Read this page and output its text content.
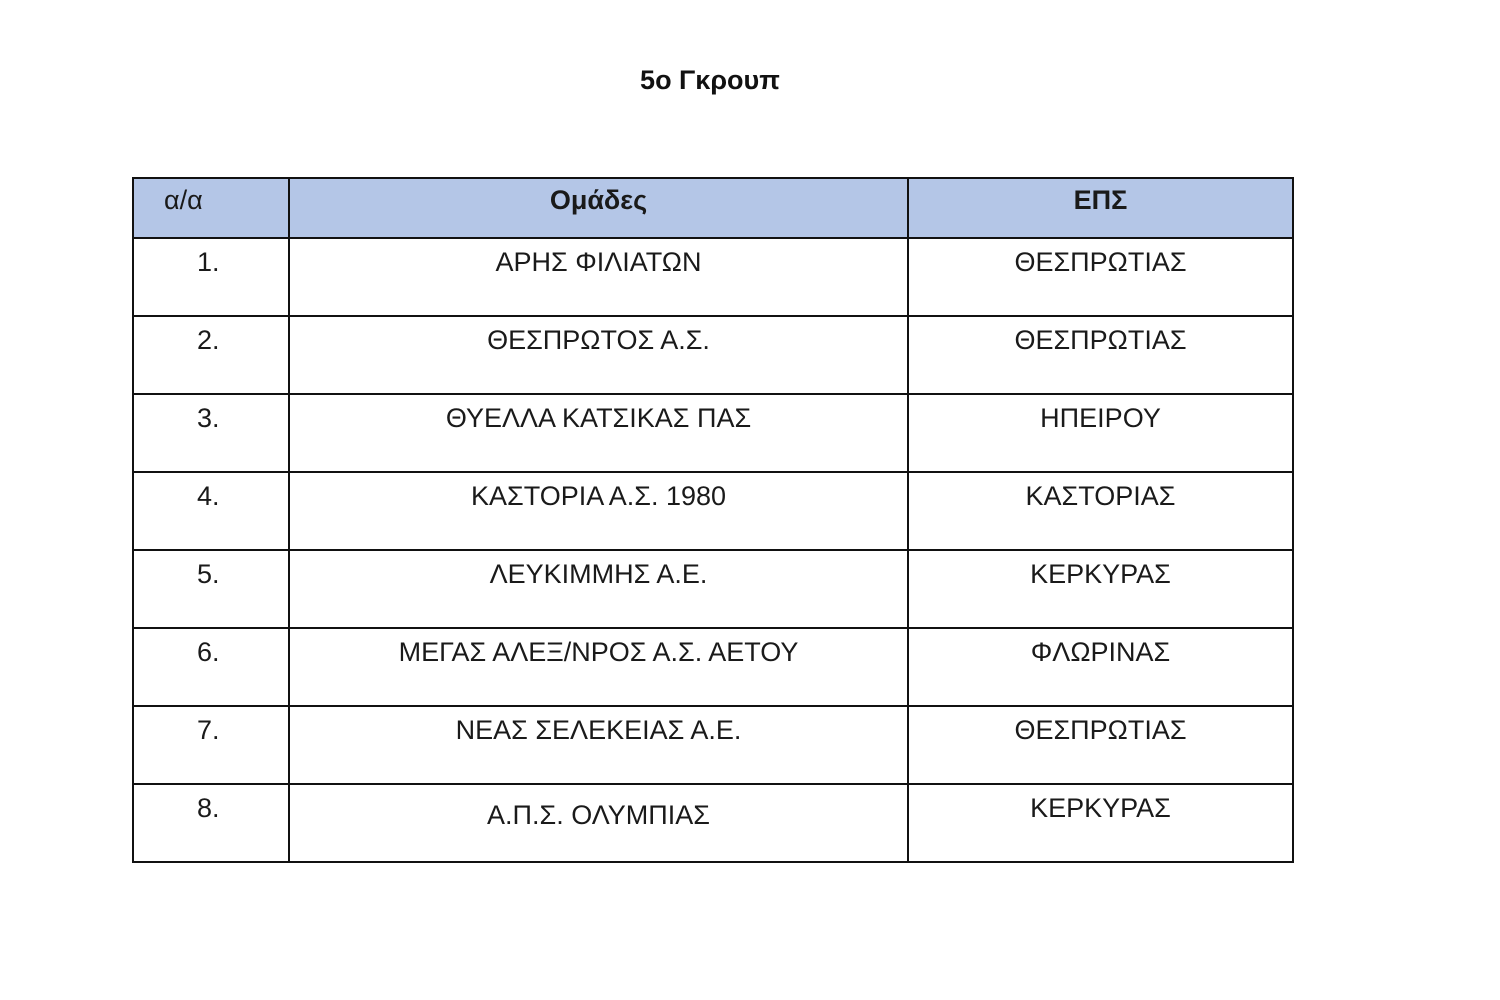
5ο Γκρουπ
α/α	Ομάδες	ΕΠΣ
1.	ΑΡΗΣ ΦΙΛΙΑΤΩΝ	ΘΕΣΠΡΩΤΙΑΣ
2.	ΘΕΣΠΡΩΤΟΣ Α.Σ.	ΘΕΣΠΡΩΤΙΑΣ
3.	ΘΥΕΛΛΑ ΚΑΤΣΙΚΑΣ ΠΑΣ	ΗΠΕΙΡΟΥ
4.	ΚΑΣΤΟΡΙΑ Α.Σ. 1980	ΚΑΣΤΟΡΙΑΣ
5.	ΛΕΥΚΙΜΜΗΣ Α.Ε.	ΚΕΡΚΥΡΑΣ
6.	ΜΕΓΑΣ ΑΛΕΞ/ΝΡΟΣ Α.Σ. ΑΕΤΟΥ	ΦΛΩΡΙΝΑΣ
7.	ΝΕΑΣ ΣΕΛΕΚΕΙΑΣ Α.Ε.	ΘΕΣΠΡΩΤΙΑΣ
8.	Α.Π.Σ. ΟΛΥΜΠΙΑΣ	ΚΕΡΚΥΡΑΣ
